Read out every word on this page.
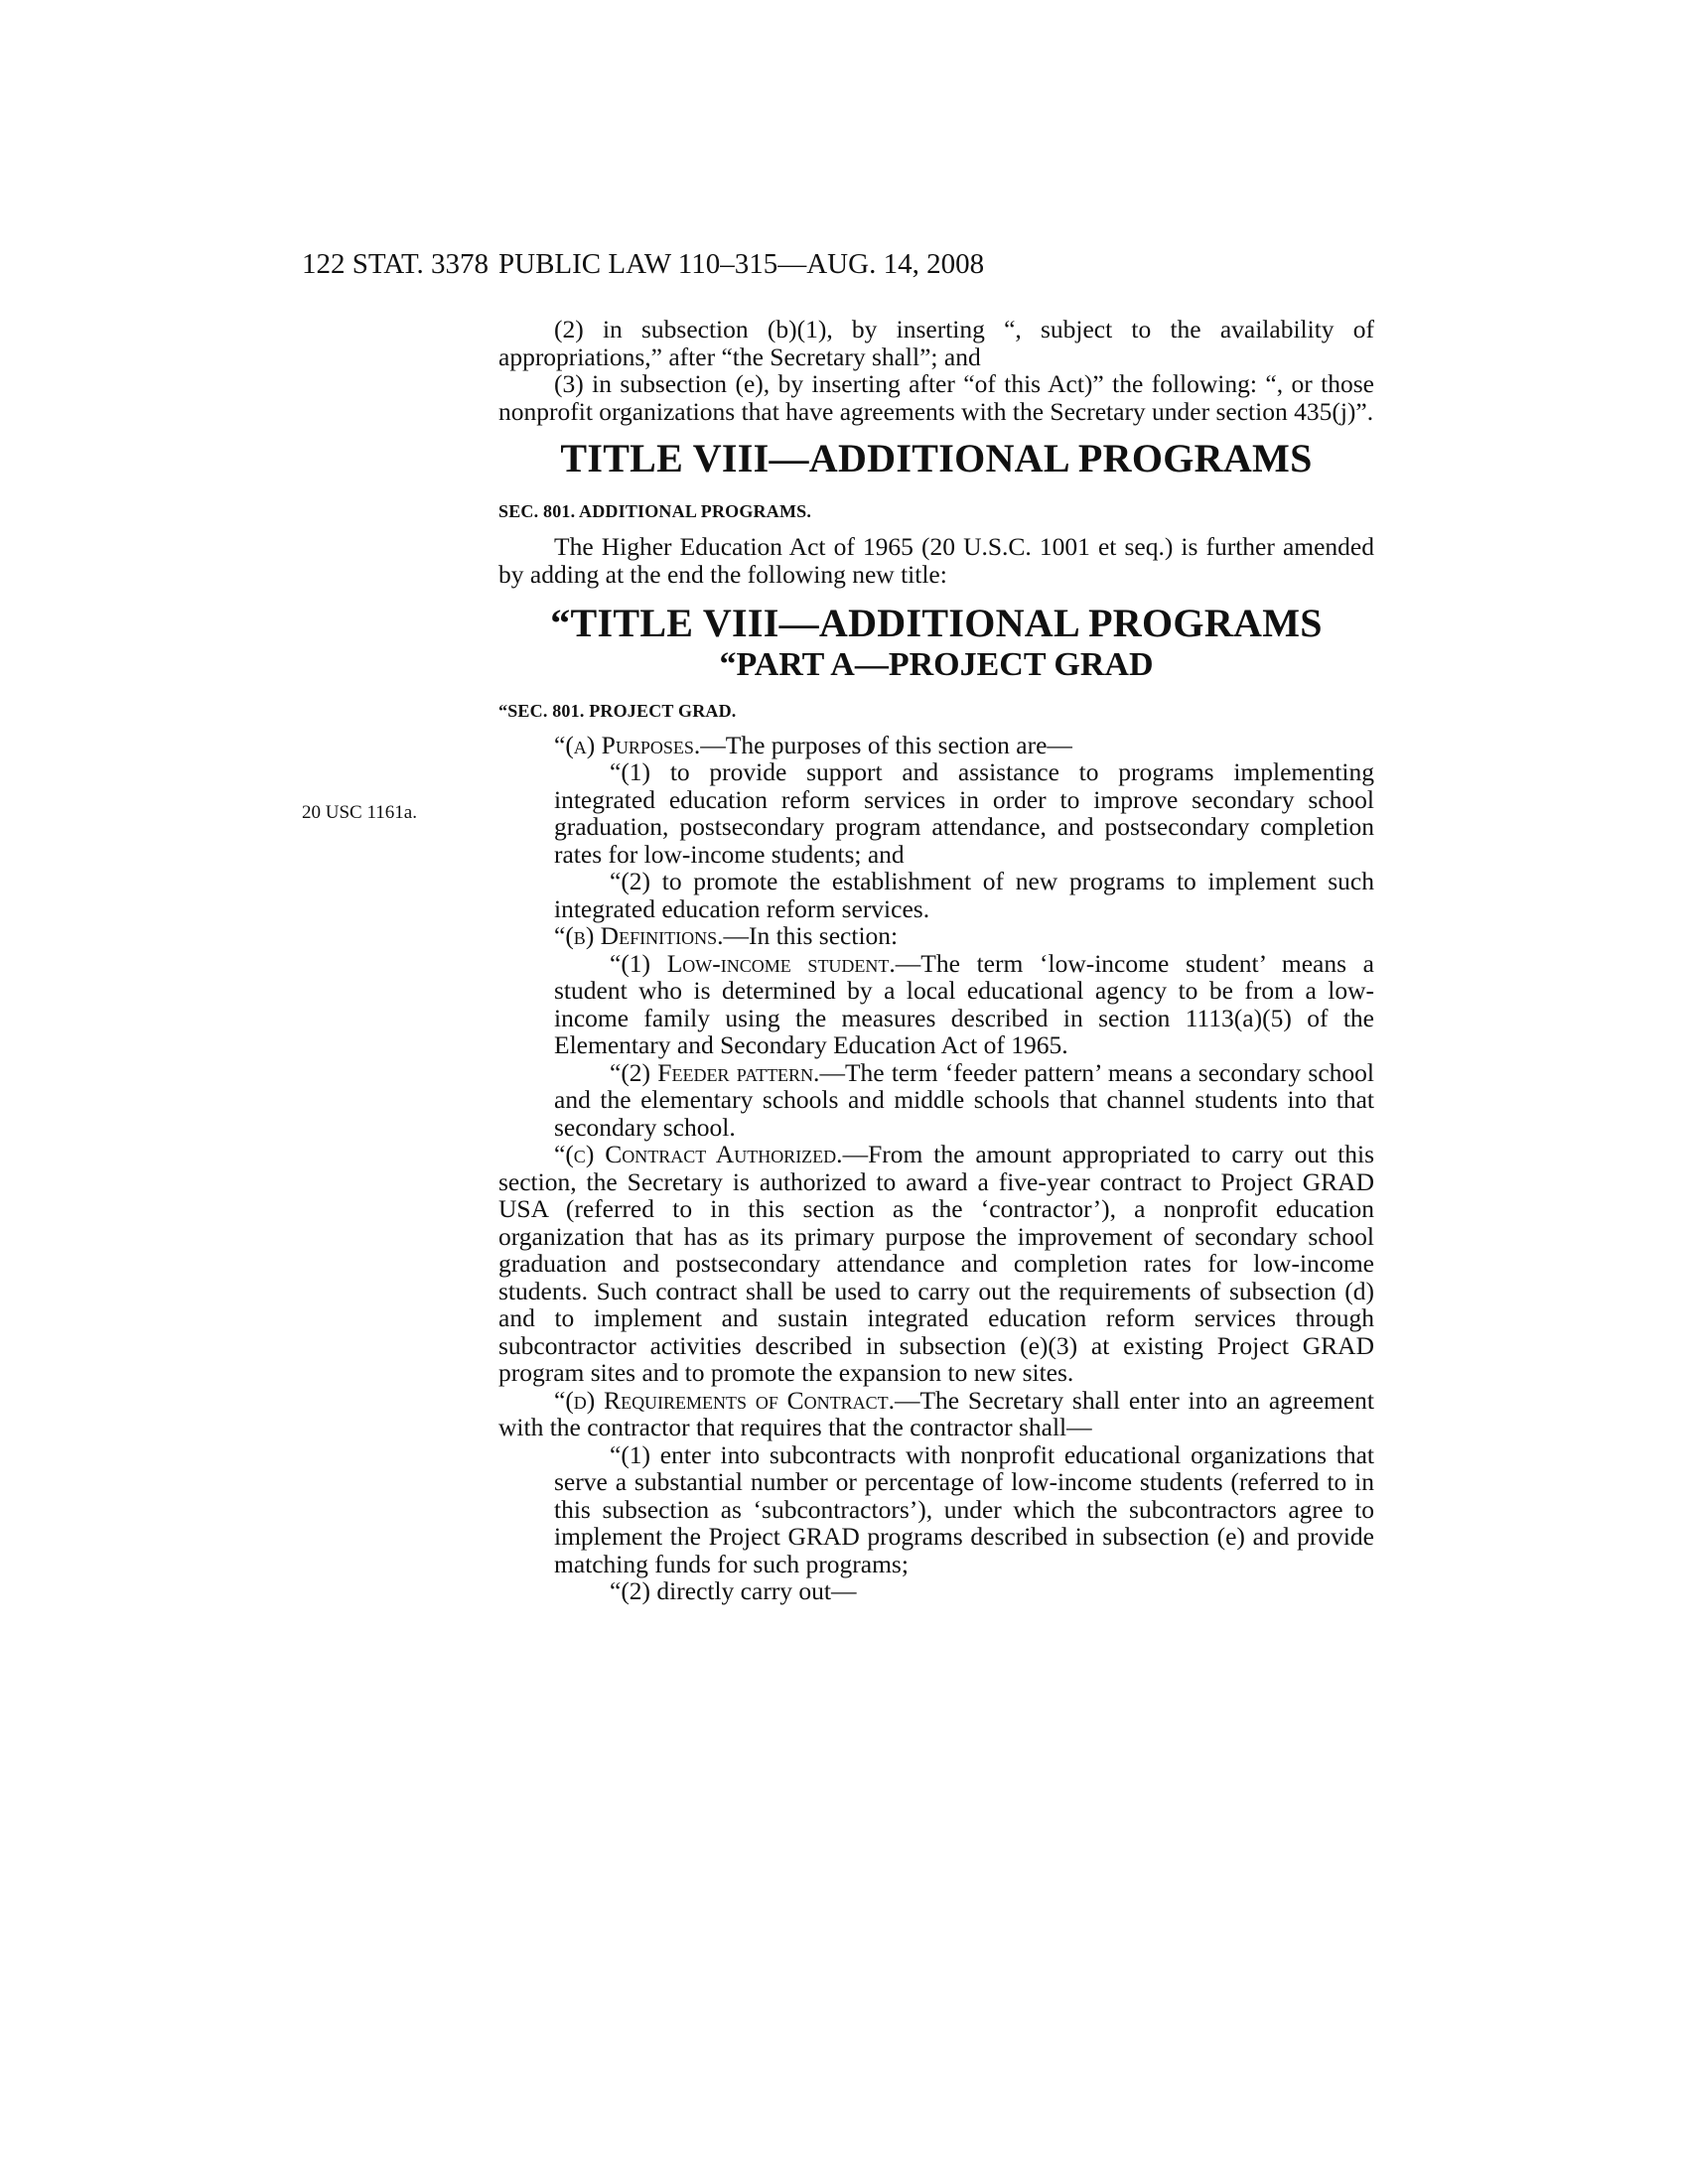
122 STAT. 3378 PUBLIC LAW 110–315—AUG. 14, 2008
20 USC 1161a.

(2) in subsection (b)(1), by inserting “, subject to the availability of appropriations,” after “the Secretary shall”; and

(3) in subsection (e), by inserting after “of this Act)” the following: “, or those nonprofit organizations that have agreements with the Secretary under section 435(j)”.

TITLE VIII—ADDITIONAL PROGRAMS
SEC. 801. ADDITIONAL PROGRAMS.

The Higher Education Act of 1965 (20 U.S.C. 1001 et seq.) is further amended by adding at the end the following new title:

“TITLE VIII—ADDITIONAL PROGRAMS
“PART A—PROJECT GRAD
“SEC. 801. PROJECT GRAD.

“(a) Purposes.—The purposes of this section are—

“(1) to provide support and assistance to programs implementing integrated education reform services in order to improve secondary school graduation, postsecondary program attendance, and postsecondary completion rates for low-income students; and

“(2) to promote the establishment of new programs to implement such integrated education reform services.

“(b) Definitions.—In this section:

“(1) Low-income student.—The term ‘low-income student’ means a student who is determined by a local educational agency to be from a low-income family using the measures described in section 1113(a)(5) of the Elementary and Secondary Education Act of 1965.

“(2) Feeder pattern.—The term ‘feeder pattern’ means a secondary school and the elementary schools and middle schools that channel students into that secondary school.

“(c) Contract Authorized.—From the amount appropriated to carry out this section, the Secretary is authorized to award a five-year contract to Project GRAD USA (referred to in this section as the ‘contractor’), a nonprofit education organization that has as its primary purpose the improvement of secondary school graduation and postsecondary attendance and completion rates for low-income students. Such contract shall be used to carry out the requirements of subsection (d) and to implement and sustain integrated education reform services through subcontractor activities described in subsection (e)(3) at existing Project GRAD program sites and to promote the expansion to new sites.

“(d) Requirements of Contract.—The Secretary shall enter into an agreement with the contractor that requires that the contractor shall—

“(1) enter into subcontracts with nonprofit educational organizations that serve a substantial number or percentage of low-income students (referred to in this subsection as ‘subcontractors’), under which the subcontractors agree to implement the Project GRAD programs described in subsection (e) and provide matching funds for such programs;

“(2) directly carry out—
